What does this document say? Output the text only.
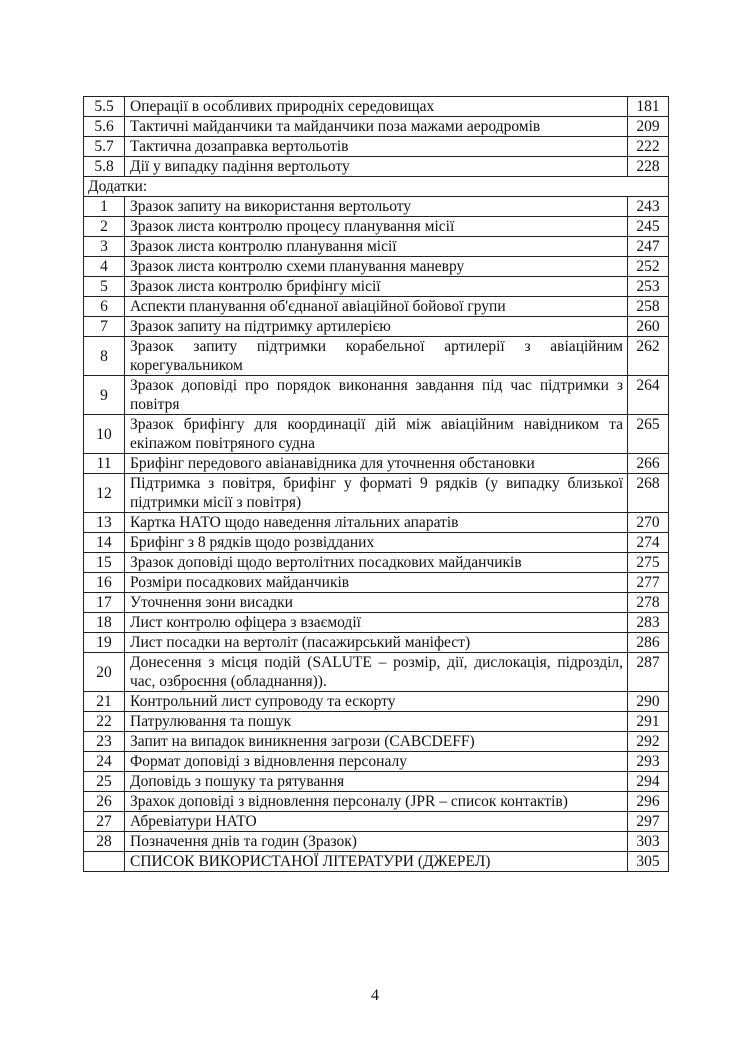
5.5	Операції в особливих природніх середовищах	181
5.6	Тактичні майданчики та майданчики поза мажами аеродромів	209
5.7	Тактична дозаправка вертольотів	222
5.8	Дії у випадку падіння вертольоту	228
Додатки:		
1	Зразок запиту на використання вертольоту	243
2	Зразок листа контролю процесу планування місії	245
3	Зразок листа контролю планування місії	247
4	Зразок листа контролю схеми планування маневру	252
5	Зразок листа контролю брифінгу місії	253
6	Аспекти планування об'єднаної авіаційної бойової групи	258
7	Зразок запиту на підтримку артилерією	260
8	Зразок запиту підтримки корабельної артилерії з авіаційним корегувальником	262
9	Зразок доповіді про порядок виконання завдання під час підтримки з повітря	264
10	Зразок брифінгу для координації дій між авіаційним навідником та екіпажом повітряного судна	265
11	Брифінг передового авіанавідника для уточнення обстановки	266
12	Підтримка з повітря, брифінг у форматі 9 рядків (у випадку близької підтримки місії з повітря)	268
13	Картка НАТО щодо наведення літальних апаратів	270
14	Брифінг з 8 рядків щодо розвідданих	274
15	Зразок доповіді щодо вертолітних посадкових майданчиків	275
16	Розміри посадкових майданчиків	277
17	Уточнення зони висадки	278
18	Лист контролю офіцера з взаємодії	283
19	Лист посадки на вертоліт (пасажирський маніфест)	286
20	Донесення з місця подій (SALUTE – розмір, дії, дислокація, підрозділ, час, озброєння (обладнання)).	287
21	Контрольний лист супроводу та ескорту	290
22	Патрулювання та пошук	291
23	Запит на випадок виникнення загрози (CABCDEFF)	292
24	Формат доповіді з відновлення персоналу	293
25	Доповідь з пошуку та рятування	294
26	Зрахок доповіді з відновлення персоналу (JPR – список контактів)	296
27	Абревіатури НАТО	297
28	Позначення днів та годин (Зразок)	303
	СПИСОК ВИКОРИСТАНОЇ ЛІТЕРАТУРИ (ДЖЕРЕЛ)	305
4
